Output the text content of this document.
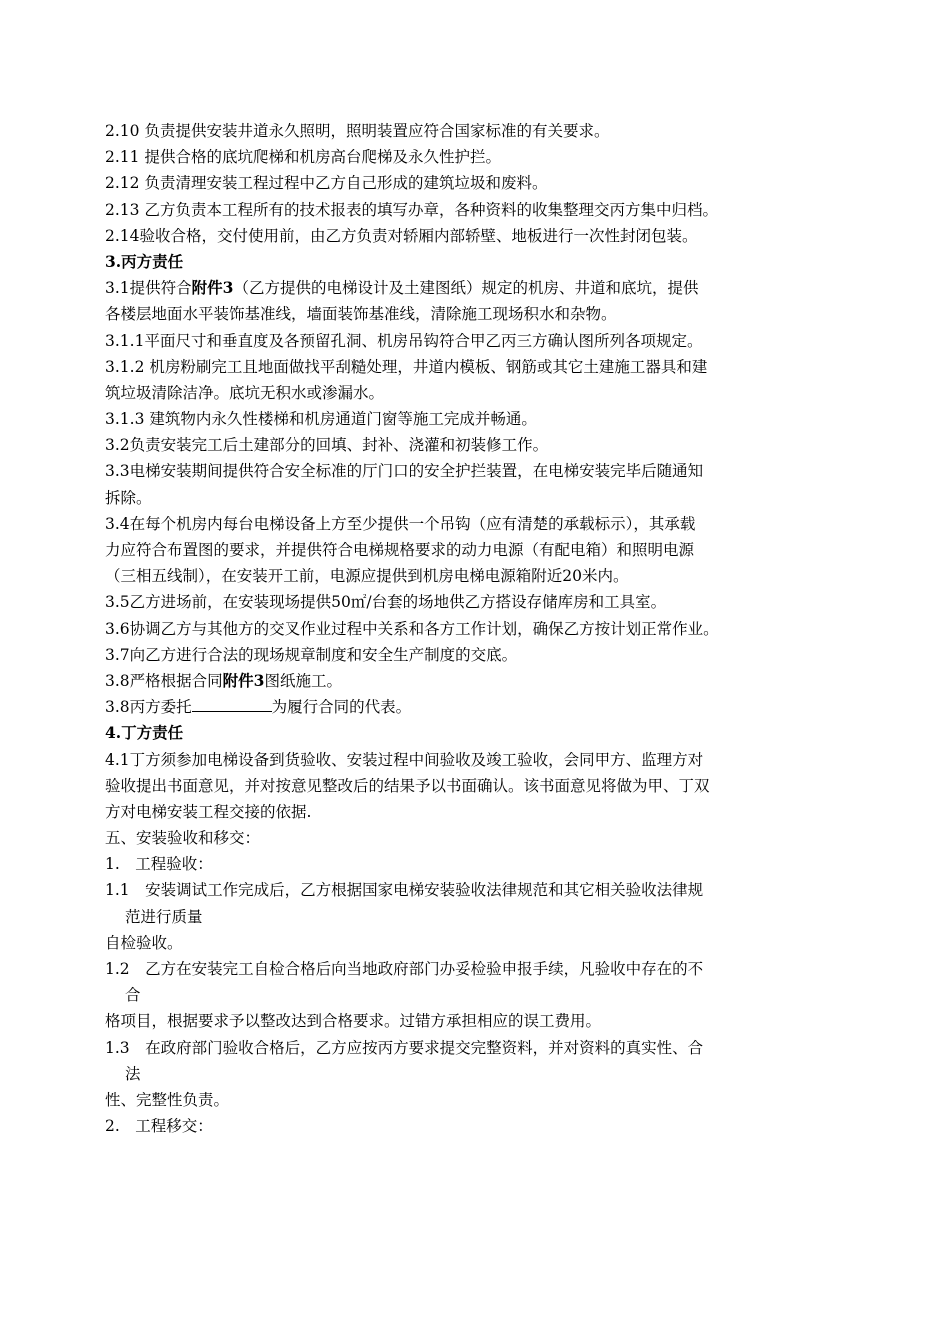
2.10 负责提供安装井道永久照明，照明装置应符合国家标准的有关要求。
2.11 提供合格的底坑爬梯和机房高台爬梯及永久性护拦。
2.12 负责清理安装工程过程中乙方自己形成的建筑垃圾和废料。
2.13 乙方负责本工程所有的技术报表的填写办章，各种资料的收集整理交丙方集中归档。
2.14验收合格，交付使用前，由乙方负责对轿厢内部轿壁、地板进行一次性封闭包装。
3.丙方责任
3.1提供符合附件3（乙方提供的电梯设计及土建图纸）规定的机房、井道和底坑，提供
各楼层地面水平装饰基准线，墙面装饰基准线，清除施工现场积水和杂物。
3.1.1平面尺寸和垂直度及各预留孔洞、机房吊钩符合甲乙丙三方确认图所列各项规定。
3.1.2 机房粉刷完工且地面做找平刮糙处理，井道内模板、钢筋或其它土建施工器具和建
筑垃圾清除洁净。底坑无积水或渗漏水。
3.1.3 建筑物内永久性楼梯和机房通道门窗等施工完成并畅通。
3.2负责安装完工后土建部分的回填、封补、浇灌和初装修工作。
3.3电梯安装期间提供符合安全标准的厅门口的安全护拦装置，在电梯安装完毕后随通知
拆除。
3.4在每个机房内每台电梯设备上方至少提供一个吊钩（应有清楚的承载标示），其承载
力应符合布置图的要求，并提供符合电梯规格要求的动力电源（有配电箱）和照明电源
（三相五线制），在安装开工前，电源应提供到机房电梯电源箱附近20米内。
3.5乙方进场前，在安装现场提供50㎡/台套的场地供乙方搭设存储库房和工具室。
3.6协调乙方与其他方的交叉作业过程中关系和各方工作计划，确保乙方按计划正常作业。
3.7向乙方进行合法的现场规章制度和安全生产制度的交底。
3.8严格根据合同附件3图纸施工。
3.8丙方委托	为履行合同的代表。
4.丁方责任
4.1丁方须参加电梯设备到货验收、安装过程中间验收及竣工验收，会同甲方、监理方对
验收提出书面意见，并对按意见整改后的结果予以书面确认。该书面意见将做为甲、丁双
方对电梯安装工程交接的依据.
五、安装验收和移交：
1.　工程验收：
1.1　安装调试工作完成后，乙方根据国家电梯安装验收法律规范和其它相关验收法律规
范进行质量
自检验收。
1.2　乙方在安装完工自检合格后向当地政府部门办妥检验申报手续，凡验收中存在的不
合
格项目，根据要求予以整改达到合格要求。过错方承担相应的误工费用。
1.3　在政府部门验收合格后，乙方应按丙方要求提交完整资料，并对资料的真实性、合
法
性、完整性负责。
2.　工程移交：
